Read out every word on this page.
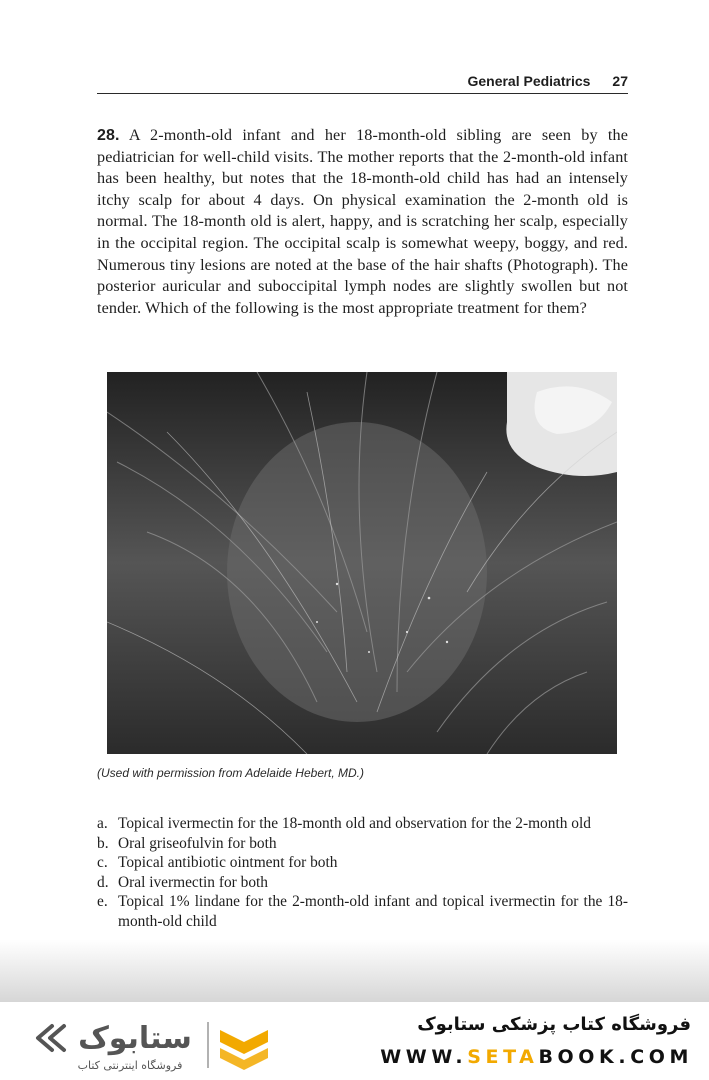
General Pediatrics 27
28. A 2-month-old infant and her 18-month-old sibling are seen by the pediatrician for well-child visits. The mother reports that the 2-month-old infant has been healthy, but notes that the 18-month-old child has had an intensely itchy scalp for about 4 days. On physical examination the 2-month old is normal. The 18-month old is alert, happy, and is scratching her scalp, especially in the occipital region. The occipital scalp is somewhat weepy, boggy, and red. Numerous tiny lesions are noted at the base of the hair shafts (Photograph). The posterior auricular and suboccipital lymph nodes are slightly swollen but not tender. Which of the following is the most appropriate treatment for them?
(Used with permission from Adelaide Hebert, MD.)
a. Topical ivermectin for the 18-month old and observation for the 2-month old
b. Oral griseofulvin for both
c. Topical antibiotic ointment for both
d. Oral ivermectin for both
e. Topical 1% lindane for the 2-month-old infant and topical ivermectin for the 18-month-old child
ستابوک
فروشگاه اینترنتی کتاب
فروشگاه کتاب پزشکی ستابوک
WWW.SETABOOK.COM
